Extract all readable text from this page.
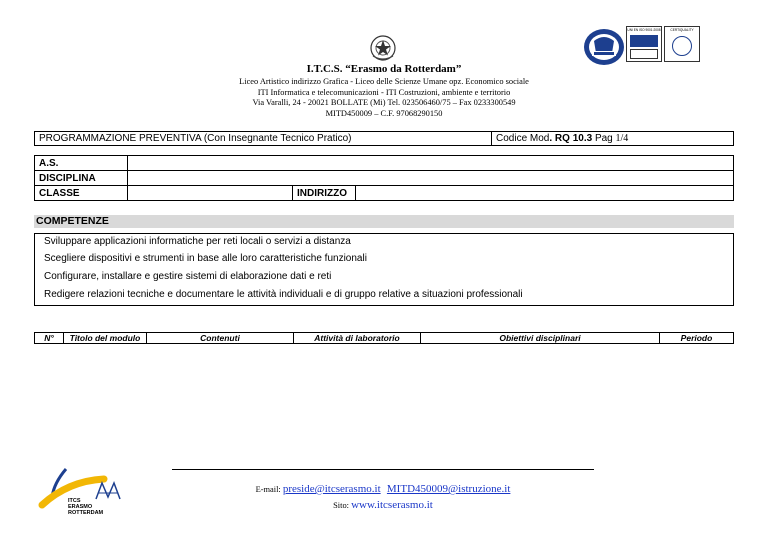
I.T.C.S. “Erasmo da Rotterdam”
Liceo Artistico indirizzo Grafica - Liceo delle Scienze Umane opz. Economico sociale
ITI Informatica e telecomunicazioni - ITI Costruzioni, ambiente e territorio
Via Varalli, 24 - 20021 BOLLATE (Mi) Tel. 023506460/75 – Fax 0233300549
MITD450009 – C.F. 97068290150
UNI EN ISO 9001:2008	CERTIQUALITY
PROGRAMMAZIONE PREVENTIVA (Con Insegnante Tecnico Pratico)	Codice Mod. RQ 10.3 Pag 1/4
A.S.			
DISCIPLINA			
CLASSE		INDIRIZZO	
COMPETENZE
Sviluppare applicazioni informatiche per reti locali o servizi a distanza
Scegliere dispositivi e strumenti in base alle loro caratteristiche funzionali
Configurare, installare e gestire sistemi di elaborazione dati e reti
Redigere relazioni tecniche e documentare le attività individuali e di gruppo relative a situazioni professionali
N°	Titolo del modulo	Contenuti	Attività di laboratorio	Obiettivi disciplinari	Periodo
E-mail: preside@itcserasmo.it MITD450009@istruzione.it
Sito: www.itcserasmo.it
ITCS
ERASMO
ROTTERDAM
